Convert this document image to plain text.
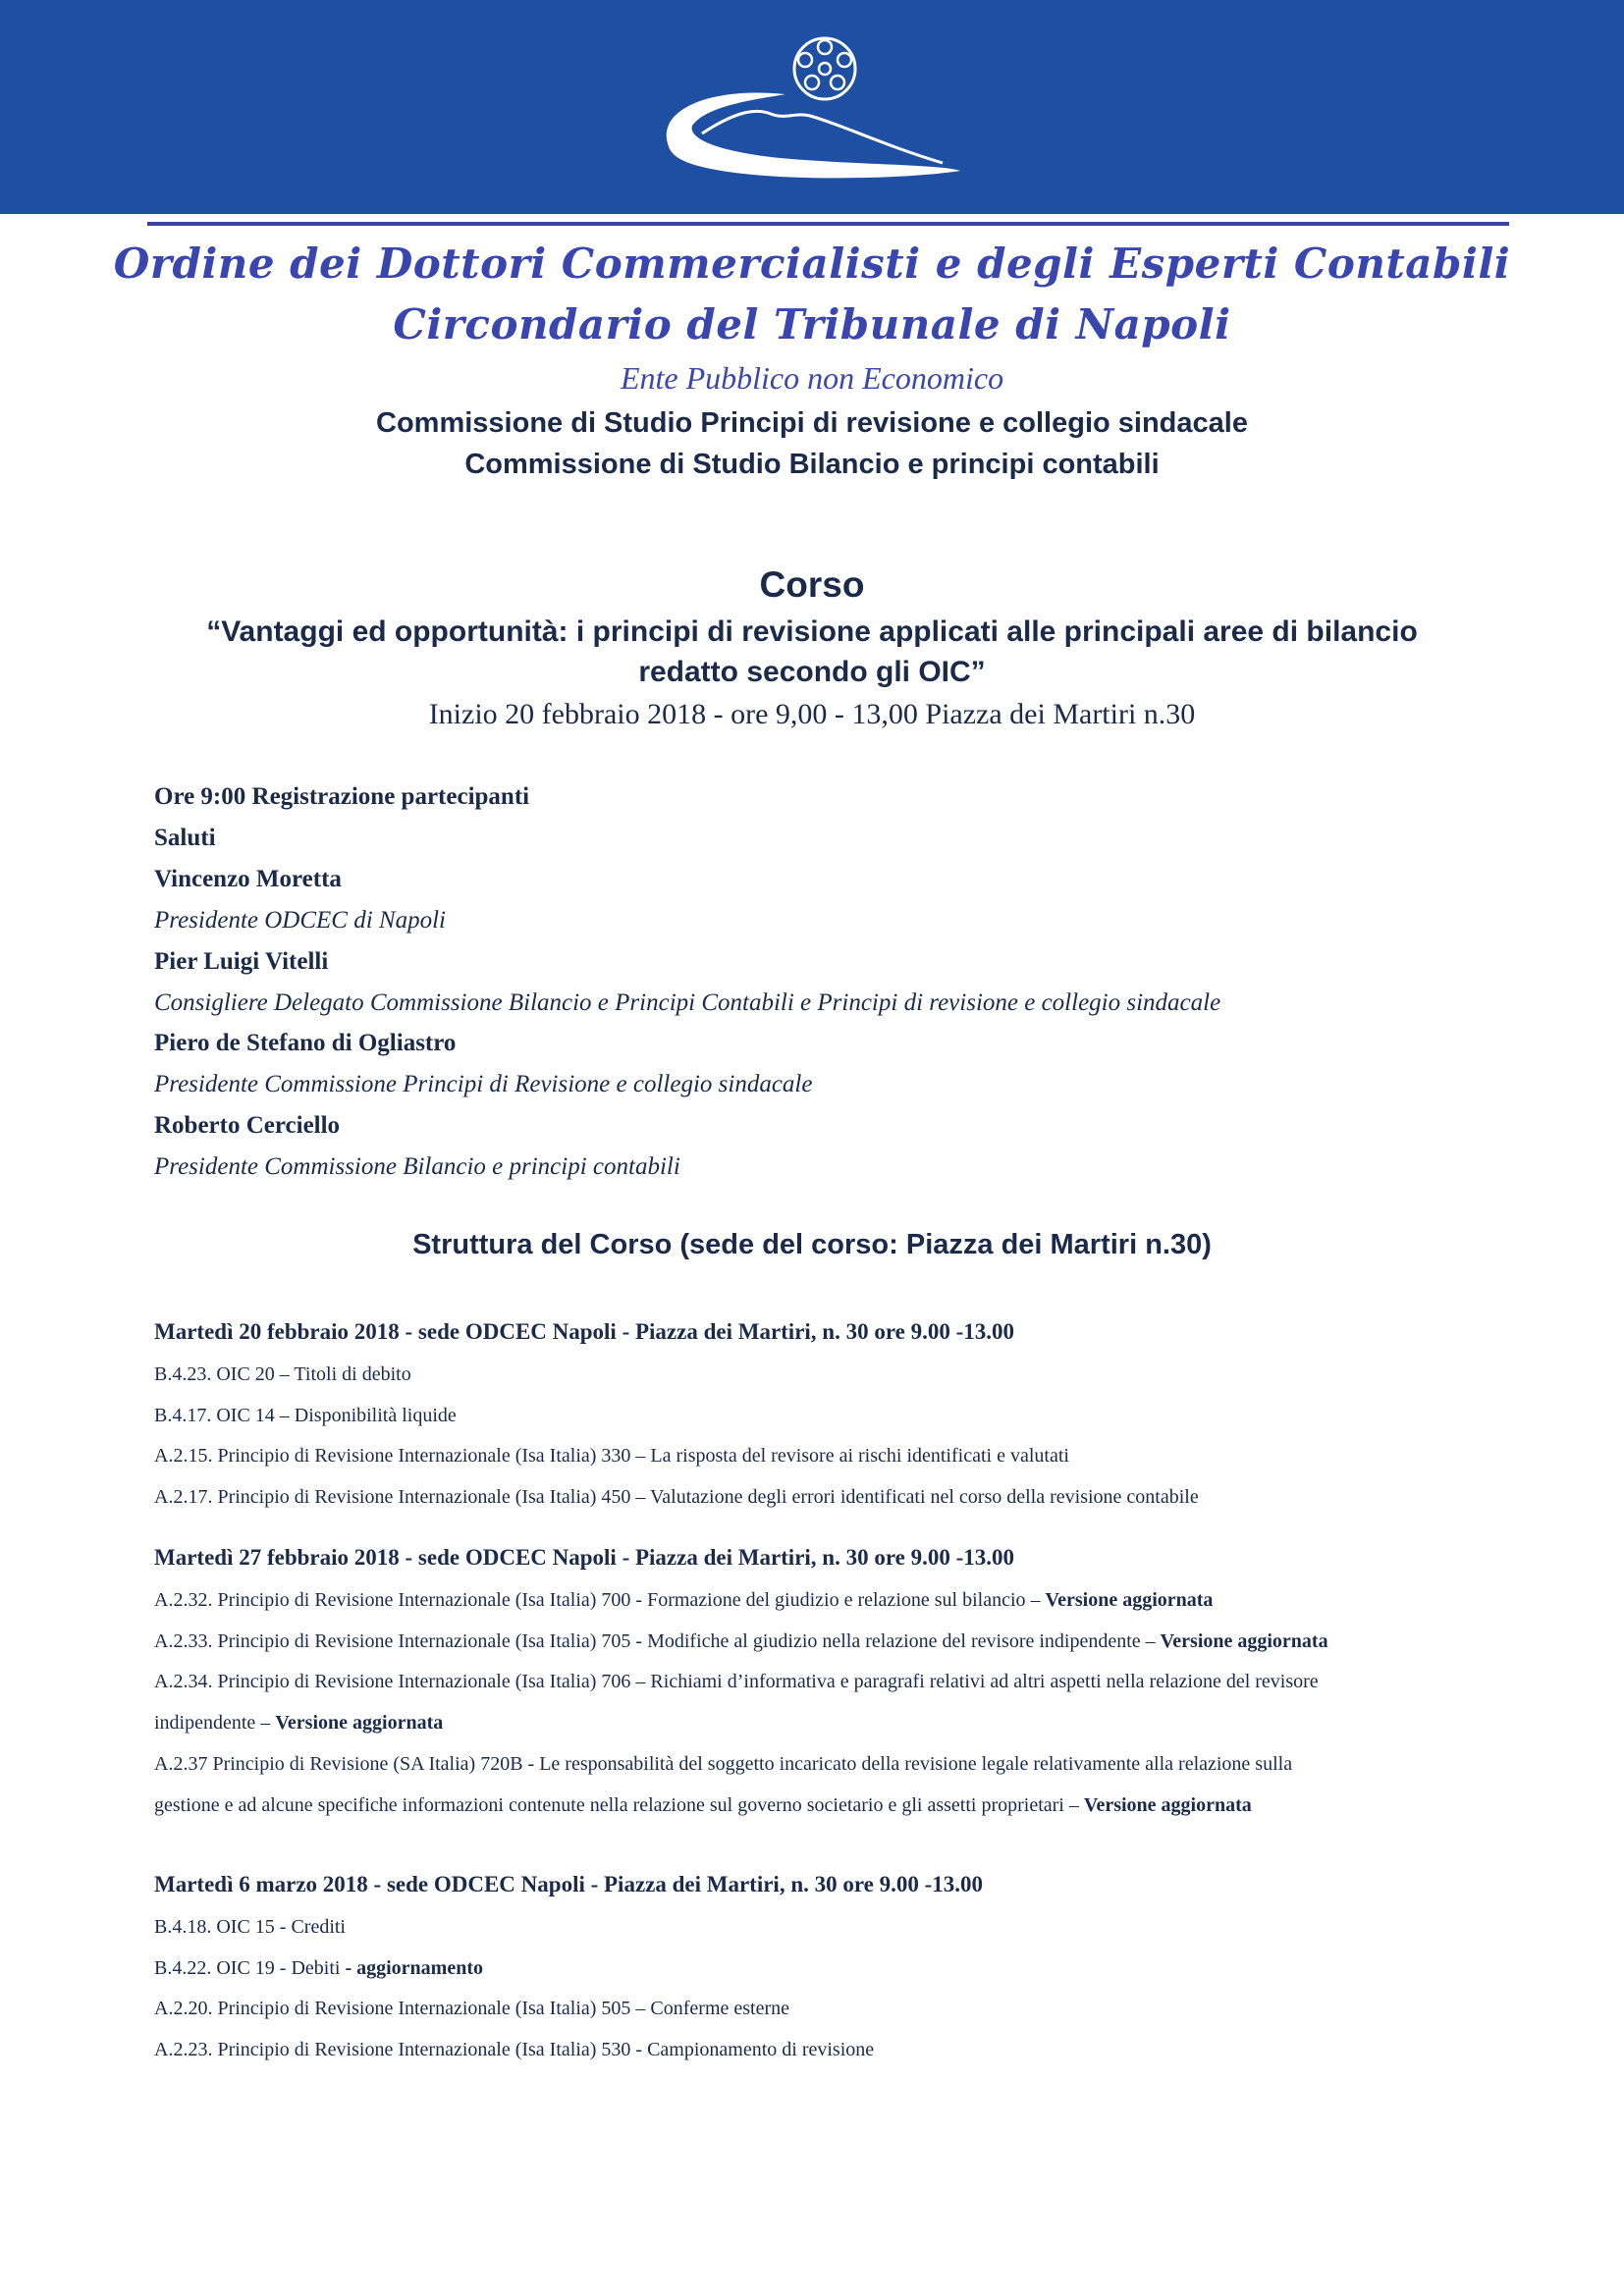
Ordine dei Dottori Commercialisti e degli Esperti Contabili
Circondario del Tribunale di Napoli
Ente Pubblico non Economico
Commissione di Studio Principi di revisione e collegio sindacale
Commissione di Studio Bilancio e principi contabili
Corso
“Vantaggi ed opportunità: i principi di revisione applicati alle principali aree di bilancio
redatto secondo gli OIC”
Inizio 20 febbraio 2018 - ore 9,00 - 13,00 Piazza dei Martiri n.30
Ore 9:00 Registrazione partecipanti
Saluti
Vincenzo Moretta
Presidente ODCEC di Napoli
Pier Luigi Vitelli
Consigliere Delegato Commissione Bilancio e Principi Contabili e Principi di revisione e collegio sindacale
Piero de Stefano di Ogliastro
Presidente Commissione Principi di Revisione e collegio sindacale
Roberto Cerciello
Presidente Commissione Bilancio e principi contabili
Struttura del Corso (sede del corso: Piazza dei Martiri n.30)
Martedì 20 febbraio 2018 - sede ODCEC Napoli - Piazza dei Martiri, n. 30 ore 9.00 -13.00
B.4.23. OIC 20 – Titoli di debito
B.4.17. OIC 14 – Disponibilità liquide
A.2.15. Principio di Revisione Internazionale (Isa Italia) 330 – La risposta del revisore ai rischi identificati e valutati
A.2.17. Principio di Revisione Internazionale (Isa Italia) 450 – Valutazione degli errori identificati nel corso della revisione contabile
Martedì 27 febbraio 2018 - sede ODCEC Napoli - Piazza dei Martiri, n. 30 ore 9.00 -13.00
A.2.32. Principio di Revisione Internazionale (Isa Italia) 700 - Formazione del giudizio e relazione sul bilancio – Versione aggiornata
A.2.33. Principio di Revisione Internazionale (Isa Italia) 705 - Modifiche al giudizio nella relazione del revisore indipendente – Versione aggiornata
A.2.34. Principio di Revisione Internazionale (Isa Italia) 706 – Richiami d’informativa e paragrafi relativi ad altri aspetti nella relazione del revisore
indipendente – Versione aggiornata
A.2.37 Principio di Revisione (SA Italia) 720B - Le responsabilità del soggetto incaricato della revisione legale relativamente alla relazione sulla
gestione e ad alcune specifiche informazioni contenute nella relazione sul governo societario e gli assetti proprietari – Versione aggiornata
Martedì 6 marzo 2018 - sede ODCEC Napoli - Piazza dei Martiri, n. 30 ore 9.00 -13.00
B.4.18. OIC 15 - Crediti
B.4.22. OIC 19 - Debiti - aggiornamento
A.2.20. Principio di Revisione Internazionale (Isa Italia) 505 – Conferme esterne
A.2.23. Principio di Revisione Internazionale (Isa Italia) 530 - Campionamento di revisione
